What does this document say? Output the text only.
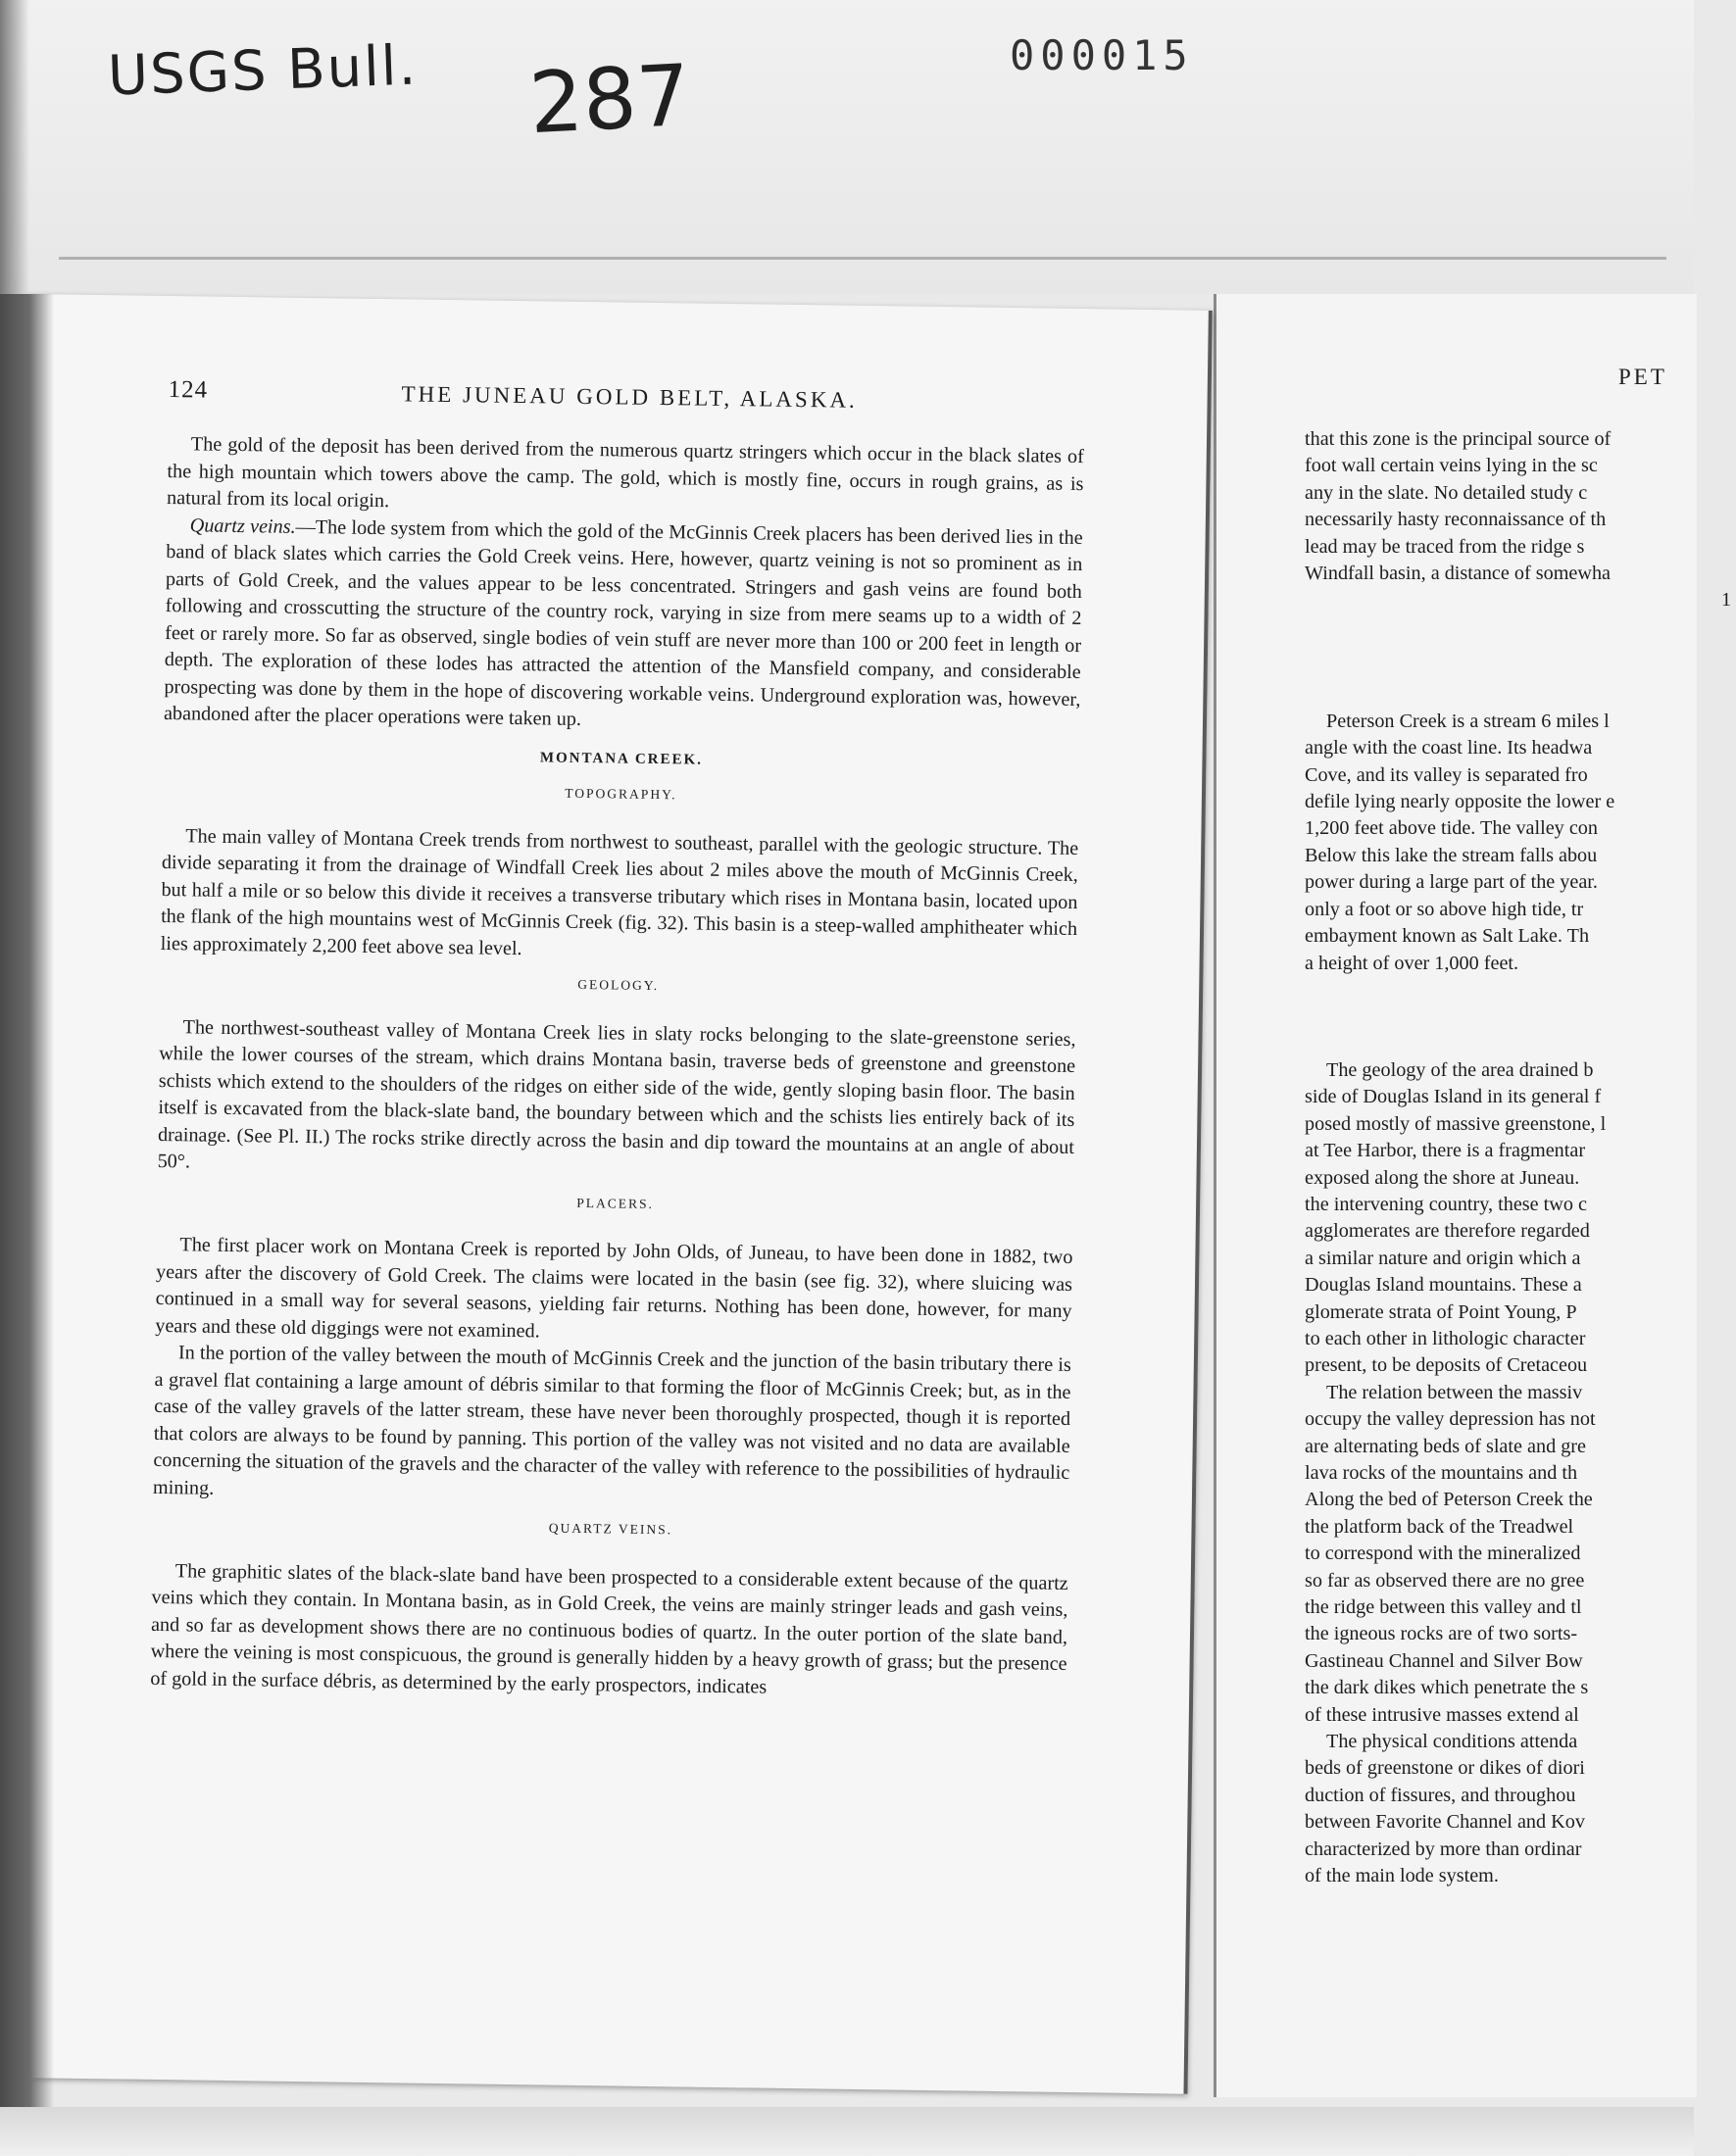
USGS Bull. 287	000015
PET
that this zone is the principal source of
foot wall certain veins lying in the sc
any in the slate. No detailed study c
necessarily hasty reconnaissance of th
lead may be traced from the ridge s
Windfall basin, a distance of somewha
1
Peterson Creek is a stream 6 miles l
angle with the coast line. Its headwa
Cove, and its valley is separated fro
defile lying nearly opposite the lower e
1,200 feet above tide. The valley con
Below this lake the stream falls abou
power during a large part of the year.
only a foot or so above high tide, tr
embayment known as Salt Lake. Th
a height of over 1,000 feet.
The geology of the area drained b
side of Douglas Island in its general f
posed mostly of massive greenstone, l
at Tee Harbor, there is a fragmentar
exposed along the shore at Juneau.
the intervening country, these two c
agglomerates are therefore regarded
a similar nature and origin which a
Douglas Island mountains. These a
glomerate strata of Point Young, P
to each other in lithologic character
present, to be deposits of Cretaceou
The relation between the massiv
occupy the valley depression has not
are alternating beds of slate and gre
lava rocks of the mountains and th
Along the bed of Peterson Creek the
the platform back of the Treadwel
to correspond with the mineralized
so far as observed there are no gree
the ridge between this valley and tl
the igneous rocks are of two sorts-
Gastineau Channel and Silver Bow
the dark dikes which penetrate the s
of these intrusive masses extend al
The physical conditions attenda
beds of greenstone or dikes of diori
duction of fissures, and throughou
between Favorite Channel and Kov
characterized by more than ordinar
of the main lode system.
124	THE JUNEAU GOLD BELT, ALASKA.

The gold of the deposit has been derived from the numerous quartz stringers which occur in the black slates of the high mountain which towers above the camp. The gold, which is mostly fine, occurs in rough grains, as is natural from its local origin.

Quartz veins.—The lode system from which the gold of the McGinnis Creek placers has been derived lies in the band of black slates which carries the Gold Creek veins. Here, however, quartz veining is not so prominent as in parts of Gold Creek, and the values appear to be less concentrated. Stringers and gash veins are found both following and crosscutting the structure of the country rock, varying in size from mere seams up to a width of 2 feet or rarely more. So far as observed, single bodies of vein stuff are never more than 100 or 200 feet in length or depth. The exploration of these lodes has attracted the attention of the Mansfield company, and considerable prospecting was done by them in the hope of discovering workable veins. Underground exploration was, however, abandoned after the placer operations were taken up.

MONTANA CREEK.

TOPOGRAPHY.

The main valley of Montana Creek trends from northwest to southeast, parallel with the geologic structure. The divide separating it from the drainage of Windfall Creek lies about 2 miles above the mouth of McGinnis Creek, but half a mile or so below this divide it receives a transverse tributary which rises in Montana basin, located upon the flank of the high mountains west of McGinnis Creek (fig. 32). This basin is a steep-walled amphitheater which lies approximately 2,200 feet above sea level.

GEOLOGY.

The northwest-southeast valley of Montana Creek lies in slaty rocks belonging to the slate-greenstone series, while the lower courses of the stream, which drains Montana basin, traverse beds of greenstone and greenstone schists which extend to the shoulders of the ridges on either side of the wide, gently sloping basin floor. The basin itself is excavated from the black-slate band, the boundary between which and the schists lies entirely back of its drainage. (See Pl. II.) The rocks strike directly across the basin and dip toward the mountains at an angle of about 50°.

PLACERS.

The first placer work on Montana Creek is reported by John Olds, of Juneau, to have been done in 1882, two years after the discovery of Gold Creek. The claims were located in the basin (see fig. 32), where sluicing was continued in a small way for several seasons, yielding fair returns. Nothing has been done, however, for many years and these old diggings were not examined.

In the portion of the valley between the mouth of McGinnis Creek and the junction of the basin tributary there is a gravel flat containing a large amount of débris similar to that forming the floor of McGinnis Creek; but, as in the case of the valley gravels of the latter stream, these have never been thoroughly prospected, though it is reported that colors are always to be found by panning. This portion of the valley was not visited and no data are available concerning the situation of the gravels and the character of the valley with reference to the possibilities of hydraulic mining.

QUARTZ VEINS.

The graphitic slates of the black-slate band have been prospected to a considerable extent because of the quartz veins which they contain. In Montana basin, as in Gold Creek, the veins are mainly stringer leads and gash veins, and so far as development shows there are no continuous bodies of quartz. In the outer portion of the slate band, where the veining is most conspicuous, the ground is generally hidden by a heavy growth of grass; but the presence of gold in the surface débris, as determined by the early prospectors, indicates
